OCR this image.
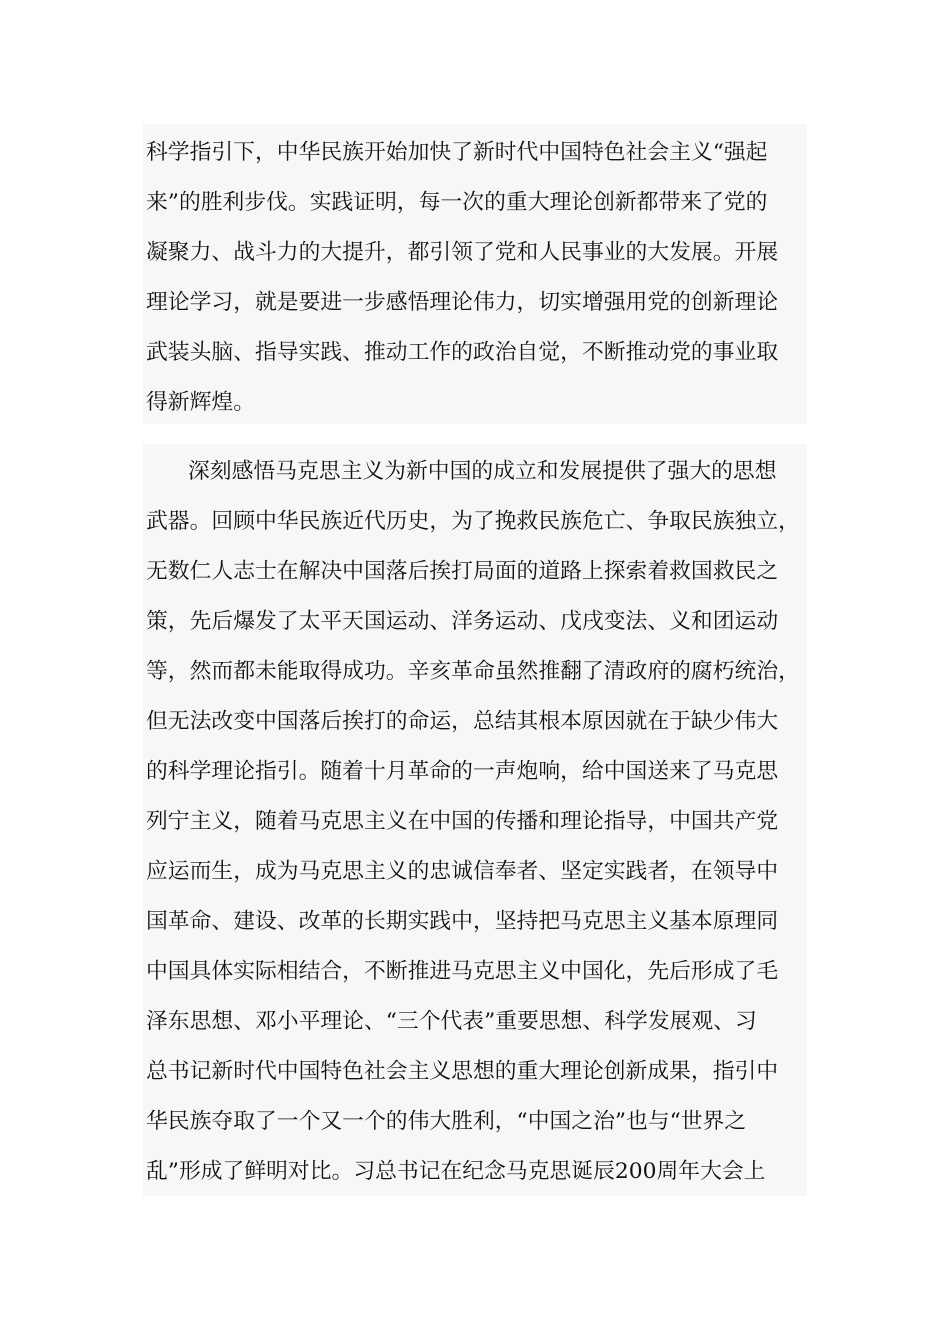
科学指引下，中华民族开始加快了新时代中国特色社会主义“强起
来”的胜利步伐。实践证明，每一次的重大理论创新都带来了党的
凝聚力、战斗力的大提升，都引领了党和人民事业的大发展。开展
理论学习，就是要进一步感悟理论伟力，切实增强用党的创新理论
武装头脑、指导实践、推动工作的政治自觉，不断推动党的事业取
得新辉煌。
深刻感悟马克思主义为新中国的成立和发展提供了强大的思想
武器。回顾中华民族近代历史，为了挽救民族危亡、争取民族独立，
无数仁人志士在解决中国落后挨打局面的道路上探索着救国救民之
策，先后爆发了太平天国运动、洋务运动、戊戌变法、义和团运动
等，然而都未能取得成功。辛亥革命虽然推翻了清政府的腐朽统治，
但无法改变中国落后挨打的命运，总结其根本原因就在于缺少伟大
的科学理论指引。随着十月革命的一声炮响，给中国送来了马克思
列宁主义，随着马克思主义在中国的传播和理论指导，中国共产党
应运而生，成为马克思主义的忠诚信奉者、坚定实践者，在领导中
国革命、建设、改革的长期实践中，坚持把马克思主义基本原理同
中国具体实际相结合，不断推进马克思主义中国化，先后形成了毛
泽东思想、邓小平理论、“三个代表”重要思想、科学发展观、习
总书记新时代中国特色社会主义思想的重大理论创新成果，指引中
华民族夺取了一个又一个的伟大胜利，“中国之治”也与“世界之
乱”形成了鲜明对比。习总书记在纪念马克思诞辰200周年大会上
